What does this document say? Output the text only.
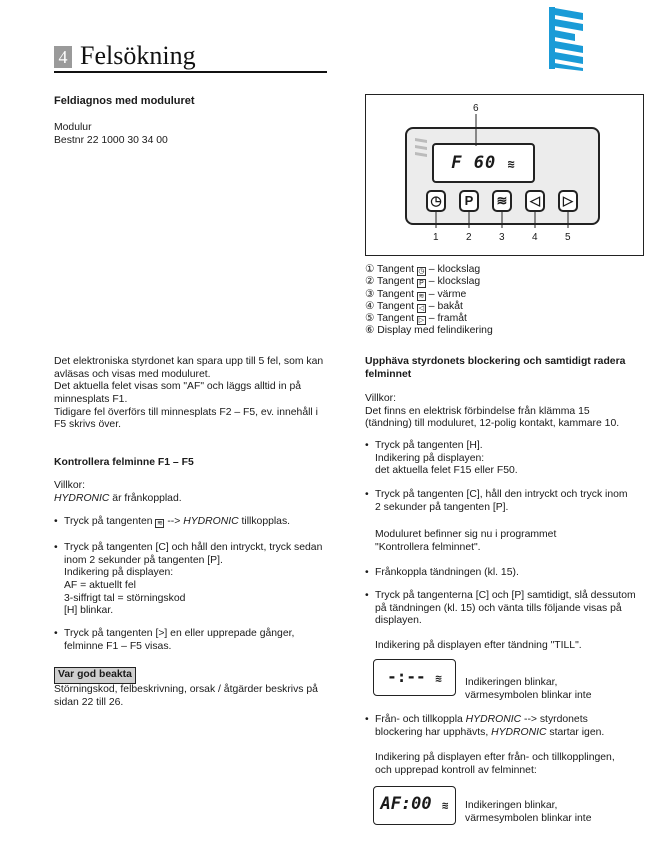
4 Felsökning
Feldiagnos med moduluret

Modulur

Bestnr 22 1000 30 34 00

Det elektroniska styrdonet kan spara upp till 5 fel, som kan

avläsas och visas med moduluret.

Det aktuella felet visas som "AF" och läggs alltid in på

minnesplats F1.

Tidigare fel överförs till minnesplats F2 – F5, ev. innehåll i

F5 skrivs över.

Kontrollera felminne F1 – F5

Villkor:

HYDRONIC är frånkopplad.

• Tryck på tangenten ≋ --> HYDRONIC tillkopplas.

• Tryck på tangenten [C] och håll den intryckt, tryck sedan

inom 2 sekunder på tangenten [P].

Indikering på displayen:

AF = aktuellt fel

3-siffrigt tal = störningskod

[H] blinkar.

• Tryck på tangenten [>] en eller upprepade gånger,

felminne F1 – F5 visas.

Var god beakta

Störningskod, felbeskrivning, orsak / åtgärder beskrivs på

sidan 22 till 26.

F 60 ≋
◷	P	≋	◁	▷
6
1	2	3	4	5
① Tangent ◷ – klockslag
② Tangent P – klockslag
③ Tangent ≋ – värme
④ Tangent ◁ – bakåt
⑤ Tangent ▷ – framåt
⑥ Display med felindikering

Upphäva styrdonets blockering och samtidigt radera

felminnet

Villkor:

Det finns en elektrisk förbindelse från klämma 15

(tändning) till moduluret, 12-polig kontakt, kammare 10.

• Tryck på tangenten [H].

Indikering på displayen:

det aktuella felet F15 eller F50.

• Tryck på tangenten [C], håll den intryckt och tryck inom

2 sekunder på tangenten [P].

Moduluret befinner sig nu i programmet

"Kontrollera felminnet".

• Frånkoppla tändningen (kl. 15).

• Tryck på tangenterna [C] och [P] samtidigt, slå dessutom

på tändningen (kl. 15) och vänta tills följande visas på

displayen.

Indikering på displayen efter tändning "TILL".
-:-- ≋	Indikeringen blinkar,

värmesymbolen blinkar inte

• Från- och tillkoppla HYDRONIC --> styrdonets

blockering har upphävts, HYDRONIC startar igen.

Indikering på displayen efter från- och tillkopplingen,

och upprepad kontroll av felminnet:

AF:00 ≋	Indikeringen blinkar,

värmesymbolen blinkar inte
